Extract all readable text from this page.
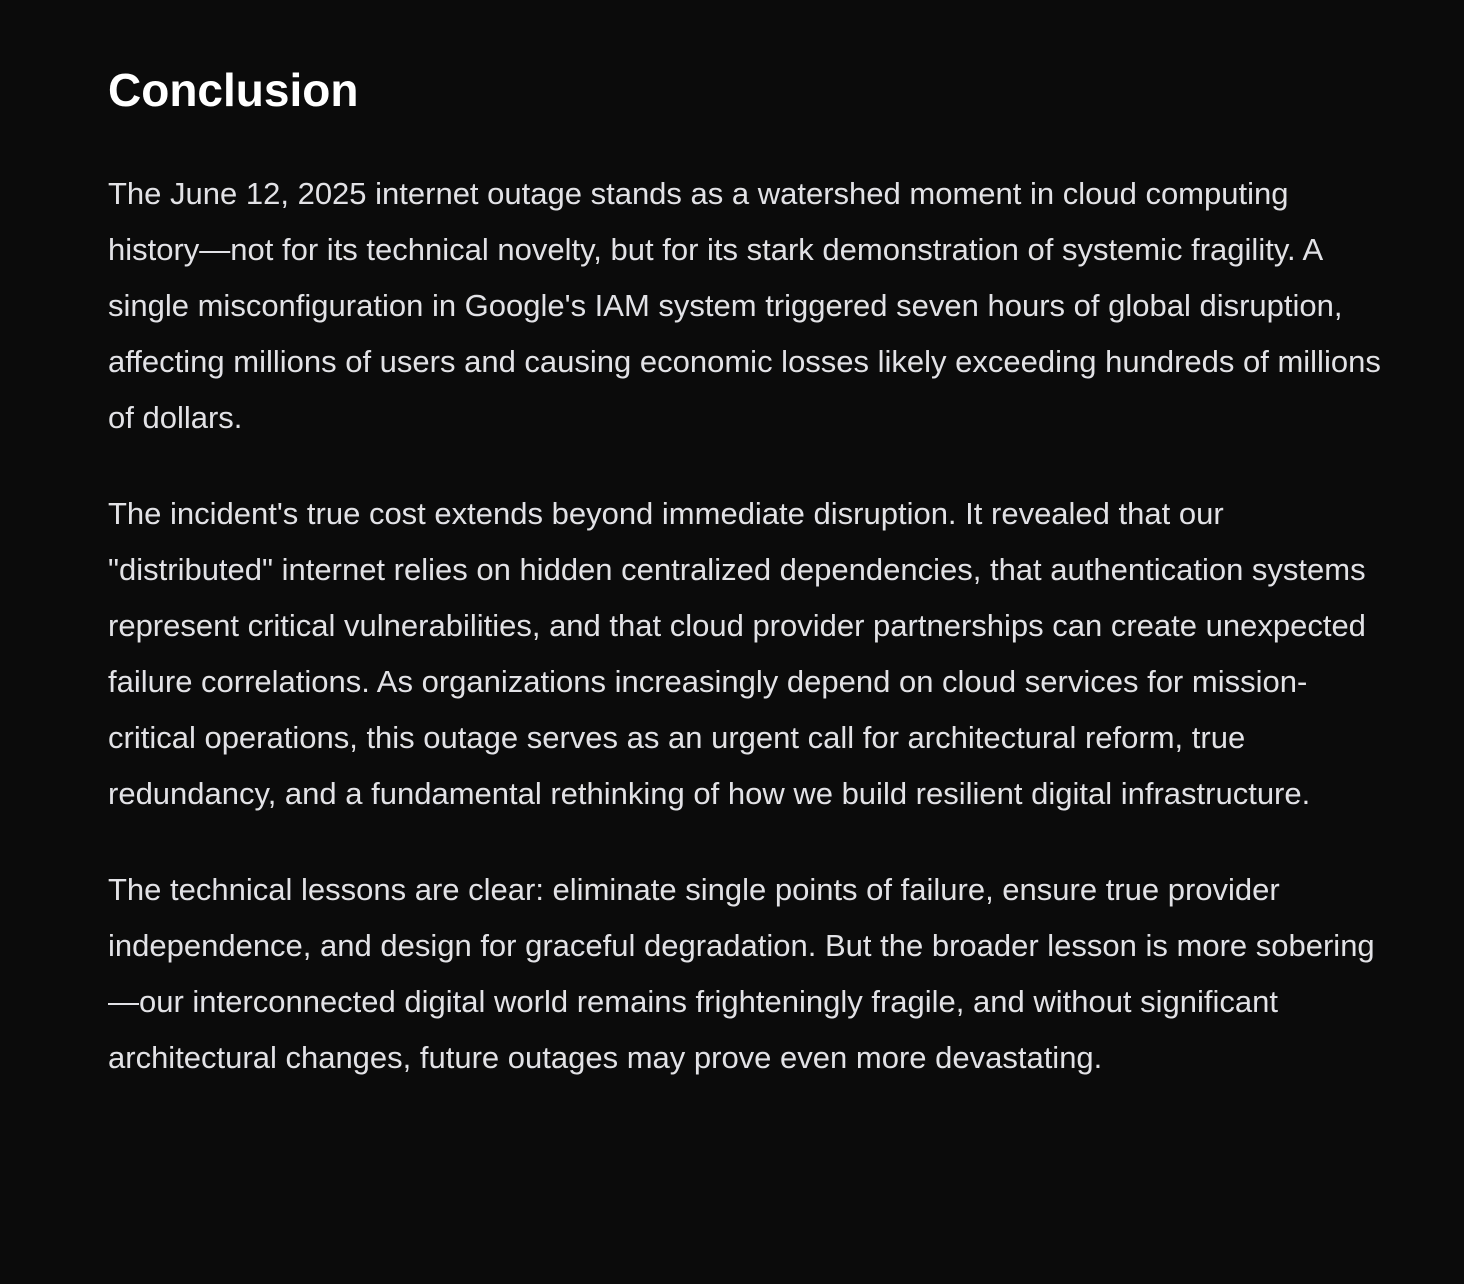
Conclusion

The June 12, 2025 internet outage stands as a watershed moment in cloud computing history—not for its technical novelty, but for its stark demonstration of systemic fragility. A single misconfiguration in Google's IAM system triggered seven hours of global disruption, affecting millions of users and causing economic losses likely exceeding hundreds of millions of dollars.

The incident's true cost extends beyond immediate disruption. It revealed that our "distributed" internet relies on hidden centralized dependencies, that authentication systems represent critical vulnerabilities, and that cloud provider partnerships can create unexpected failure correlations. As organizations increasingly depend on cloud services for mission-critical operations, this outage serves as an urgent call for architectural reform, true redundancy, and a fundamental rethinking of how we build resilient digital infrastructure.

The technical lessons are clear: eliminate single points of failure, ensure true provider independence, and design for graceful degradation. But the broader lesson is more sobering—our interconnected digital world remains frighteningly fragile, and without significant architectural changes, future outages may prove even more devastating.
